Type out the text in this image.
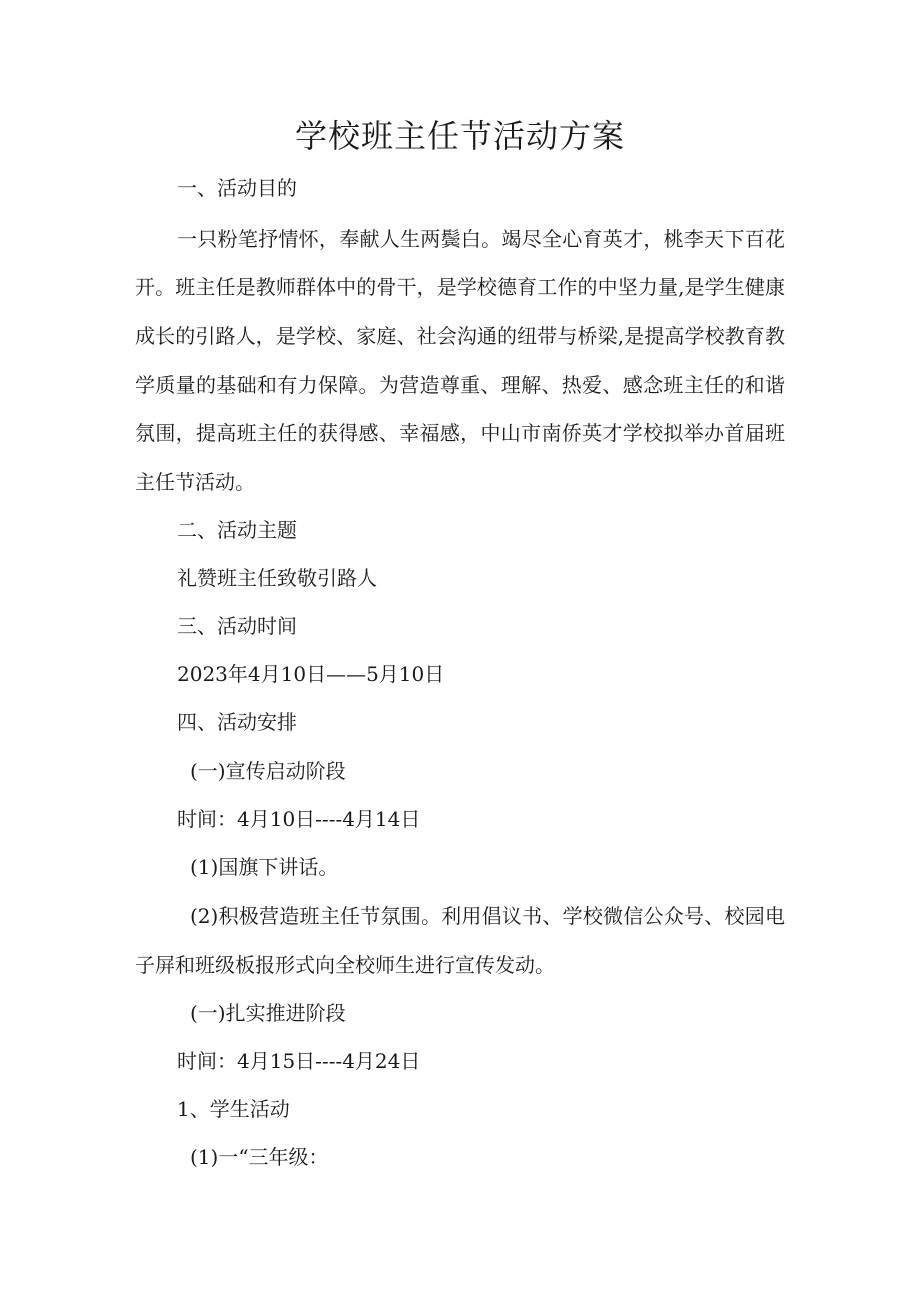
学校班主任节活动方案

一、活动目的

一只粉笔抒情怀，奉献人生两鬓白。竭尽全心育英才，桃李天下百花

开。班主任是教师群体中的骨干，是学校德育工作的中坚力量,是学生健康

成长的引路人，是学校、家庭、社会沟通的纽带与桥梁,是提高学校教育教

学质量的基础和有力保障。为营造尊重、理解、热爱、感念班主任的和谐

氛围，提高班主任的获得感、幸福感，中山市南侨英才学校拟举办首届班

主任节活动。

二、活动主题

礼赞班主任致敬引路人

三、活动时间

2023年4月10日——5月10日

四、活动安排

(一)宣传启动阶段

时间：4月10日----4月14日

(1)国旗下讲话。

(2)积极营造班主任节氛围。利用倡议书、学校微信公众号、校园电

子屏和班级板报形式向全校师生进行宣传发动。

(一)扎实推进阶段

时间：4月15日----4月24日

1、学生活动

(1)一“三年级：
